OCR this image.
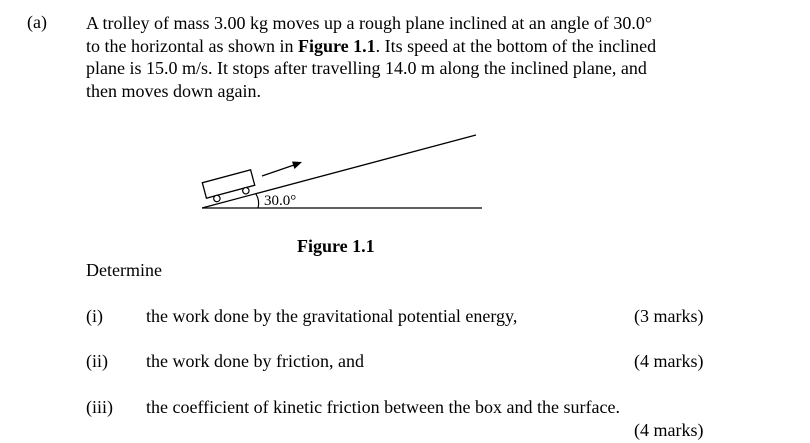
(a) A trolley of mass 3.00 kg moves up a rough plane inclined at an angle of 30.0°
to the horizontal as shown in Figure 1.1. Its speed at the bottom of the inclined
plane is 15.0 m/s. It stops after travelling 14.0 m along the inclined plane, and
then moves down again.
30.0°
Figure 1.1
Determine
(i) the work done by the gravitational potential energy,	(3 marks)
(ii) the work done by friction, and	(4 marks)
(iii) the coefficient of kinetic friction between the box and the surface.
(4 marks)
